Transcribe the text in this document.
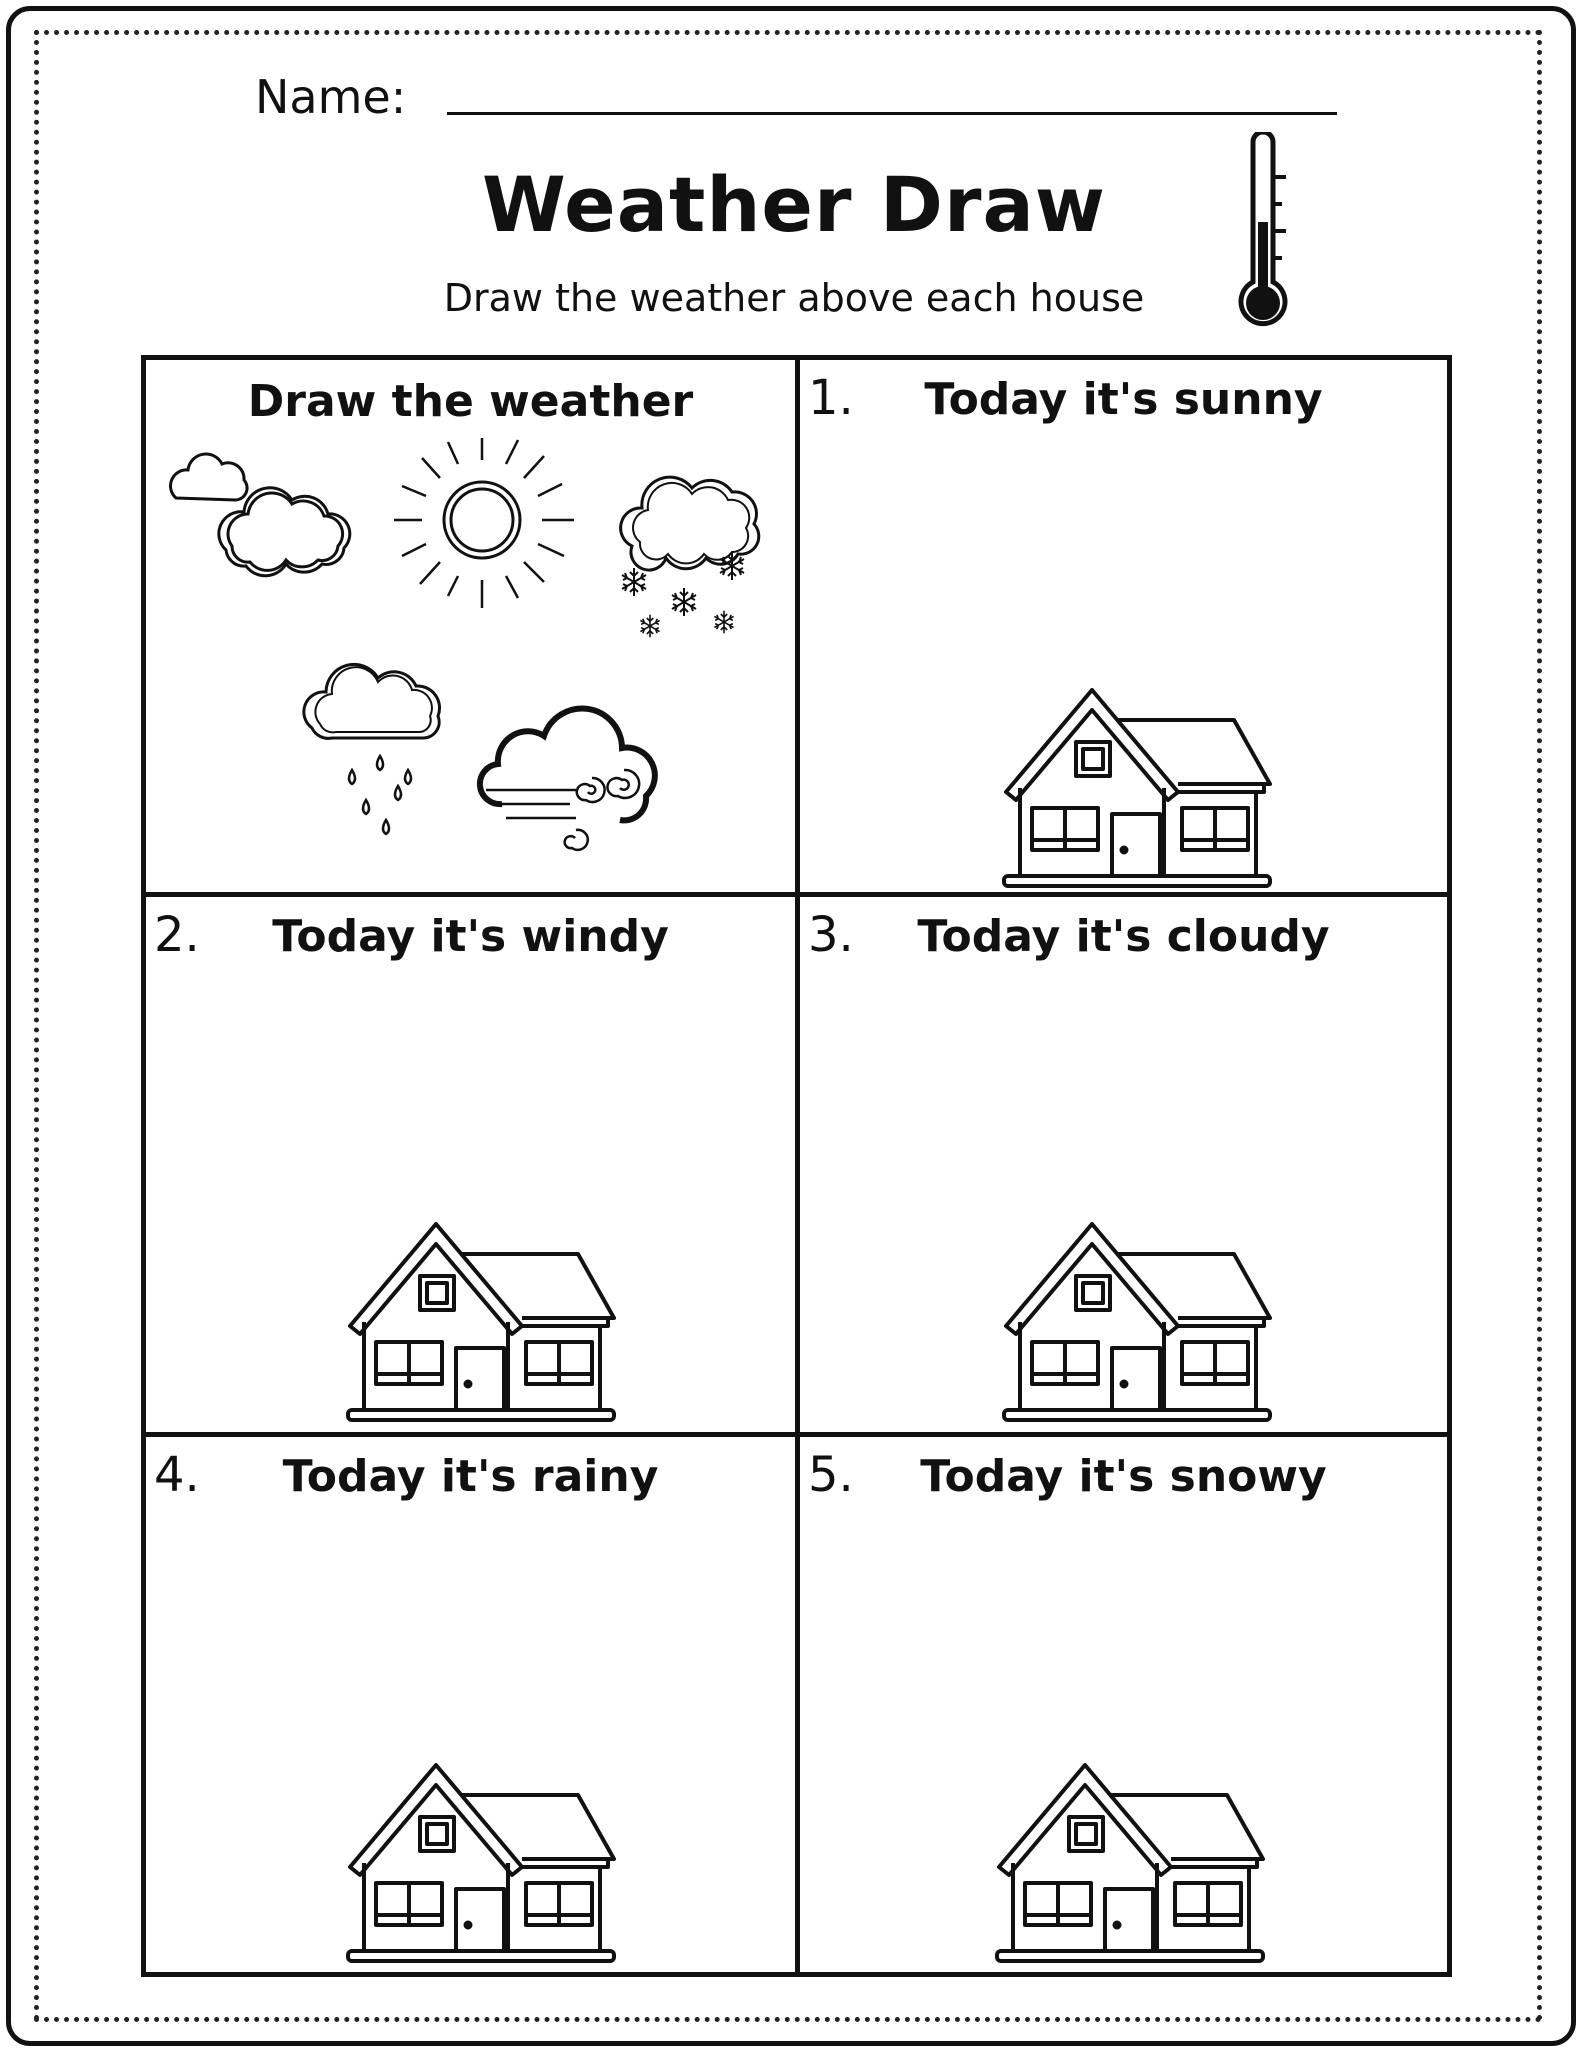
Name:
Weather Draw
Draw the weather above each house
Draw the weather	1.	Today it's sunny
2.	Today it's windy	3.	Today it's cloudy
4.	Today it's rainy	5.	Today it's snowy
